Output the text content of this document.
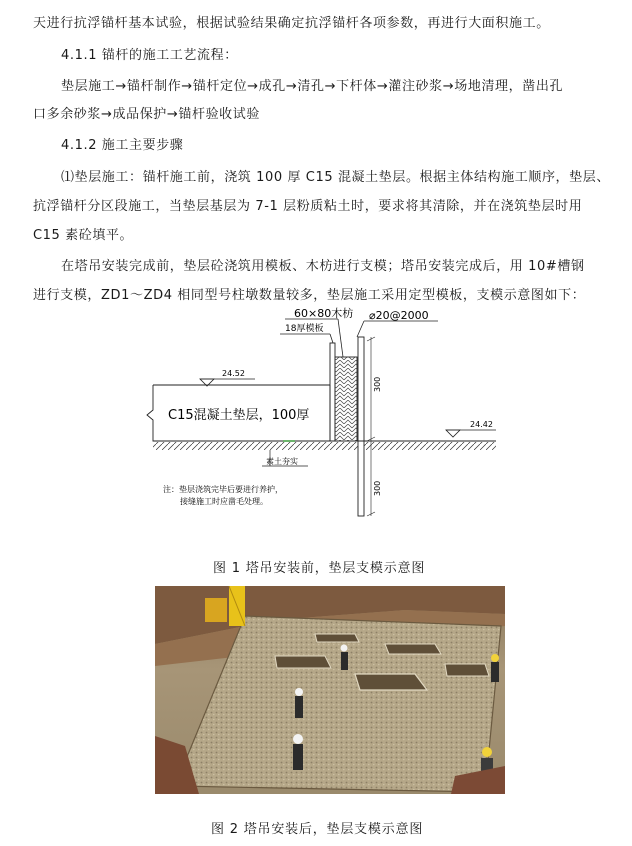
天进行抗浮锚杆基本试验，根据试验结果确定抗浮锚杆各项参数，再进行大面积施工。
4.1.1 锚杆的施工工艺流程：
垫层施工→锚杆制作→锚杆定位→成孔→清孔→下杆体→灌注砂浆→场地清理，凿出孔
口多余砂浆→成品保护→锚杆验收试验
4.1.2 施工主要步骤
⑴垫层施工：锚杆施工前，浇筑 100 厚 C15 混凝土垫层。根据主体结构施工顺序，垫层、
抗浮锚杆分区段施工，当垫层基层为 7-1 层粉质粘土时，要求将其清除，并在浇筑垫层时用
C15 素砼填平。
在塔吊安装完成前，垫层砼浇筑用模板、木枋进行支模；塔吊安装完成后，用 10#槽钢
进行支模，ZD1～ZD4 相同型号柱墩数量较多，垫层施工采用定型模板，支模示意图如下：
60×80木枋
18厚模板
⌀20@2000
300
300
C15混凝土垫层，100厚
24.52
24.42
素土夯实
注：垫层浇筑完毕后要进行养护，
接缝施工时应凿毛处理。
图 1 塔吊安装前，垫层支模示意图
图 2 塔吊安装后，垫层支模示意图
